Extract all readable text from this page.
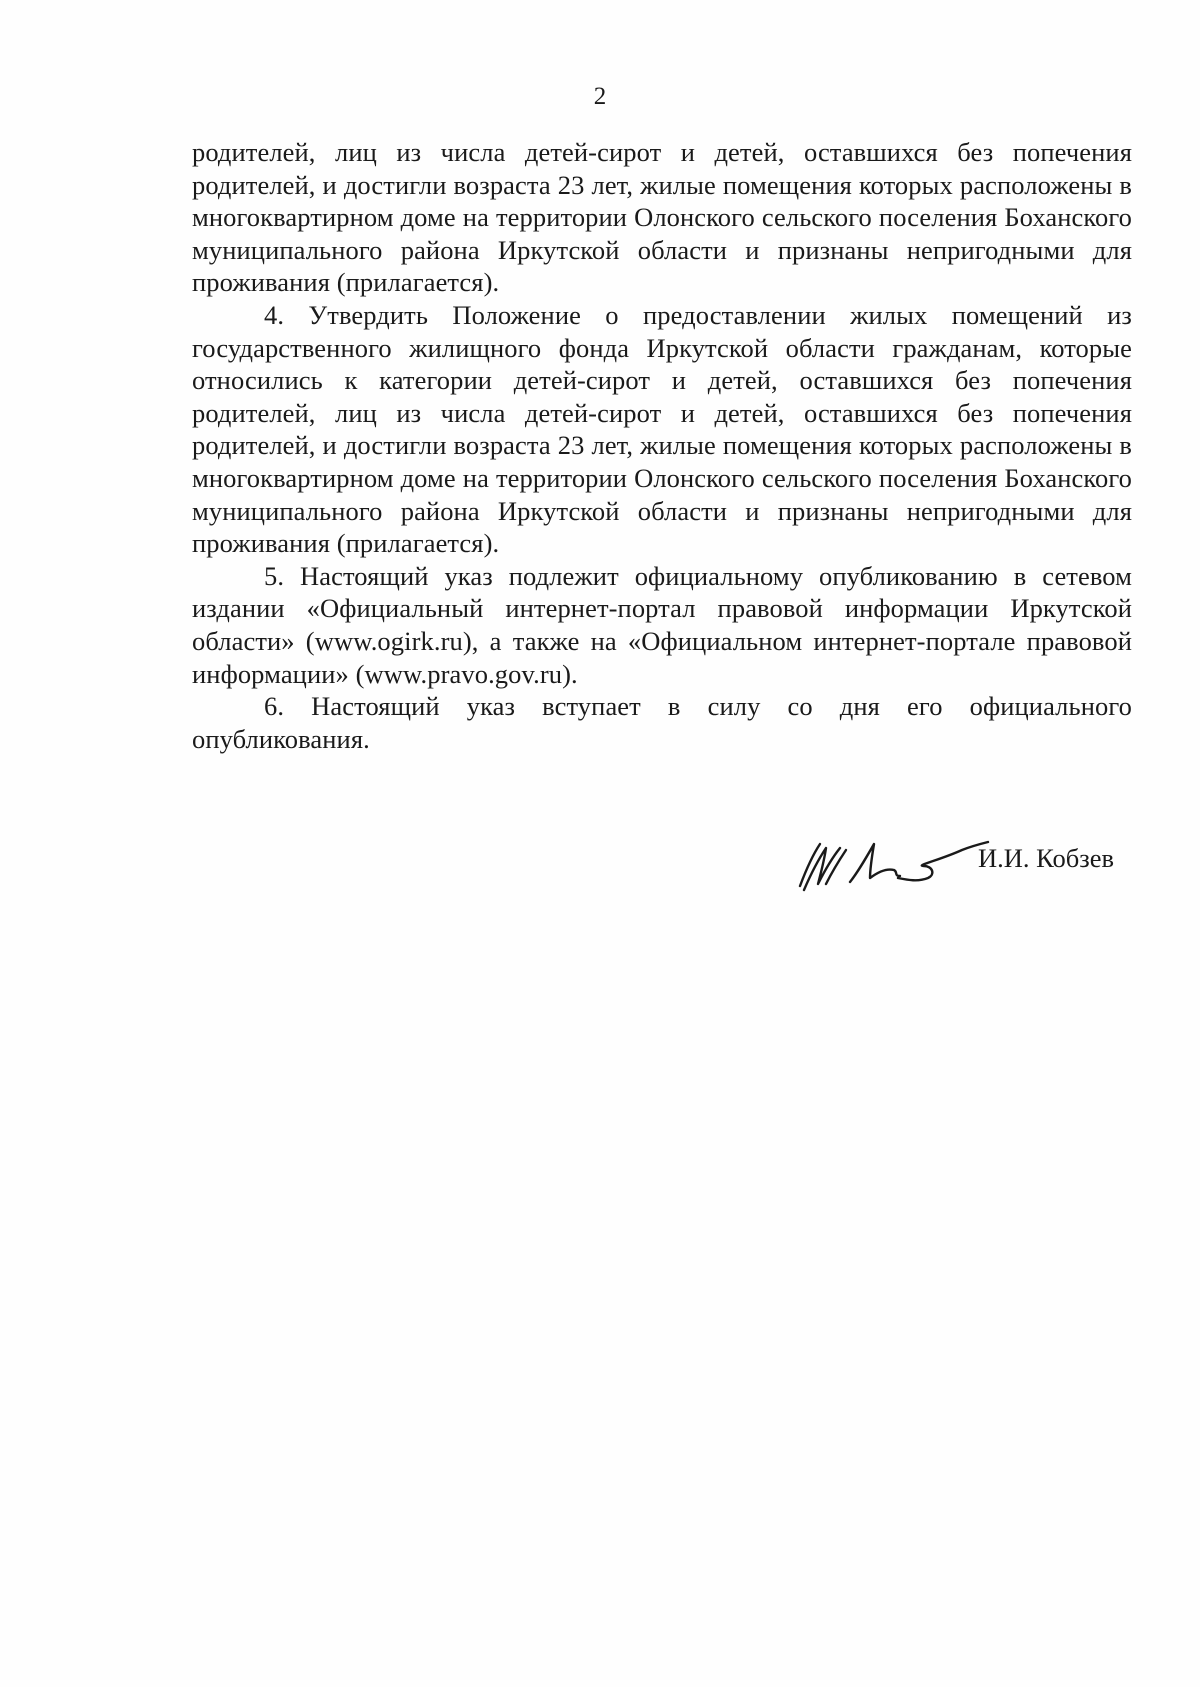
2

родителей, лиц из числа детей-сирот и детей, оставшихся без попечения родителей, и достигли возраста 23 лет, жилые помещения которых расположены в многоквартирном доме на территории Олонского сельского поселения Боханского муниципального района Иркутской области и признаны непригодными для проживания (прилагается).

4. Утвердить Положение о предоставлении жилых помещений из государственного жилищного фонда Иркутской области гражданам, которые относились к категории детей-сирот и детей, оставшихся без попечения родителей, лиц из числа детей-сирот и детей, оставшихся без попечения родителей, и достигли возраста 23 лет, жилые помещения которых расположены в многоквартирном доме на территории Олонского сельского поселения Боханского муниципального района Иркутской области и признаны непригодными для проживания (прилагается).

5. Настоящий указ подлежит официальному опубликованию в сетевом издании «Официальный интернет-портал правовой информации Иркутской области» (www.ogirk.ru), а также на «Официальном интернет-портале правовой информации» (www.pravo.gov.ru).

6. Настоящий указ вступает в силу со дня его официального опубликования.

И.И. Кобзев
